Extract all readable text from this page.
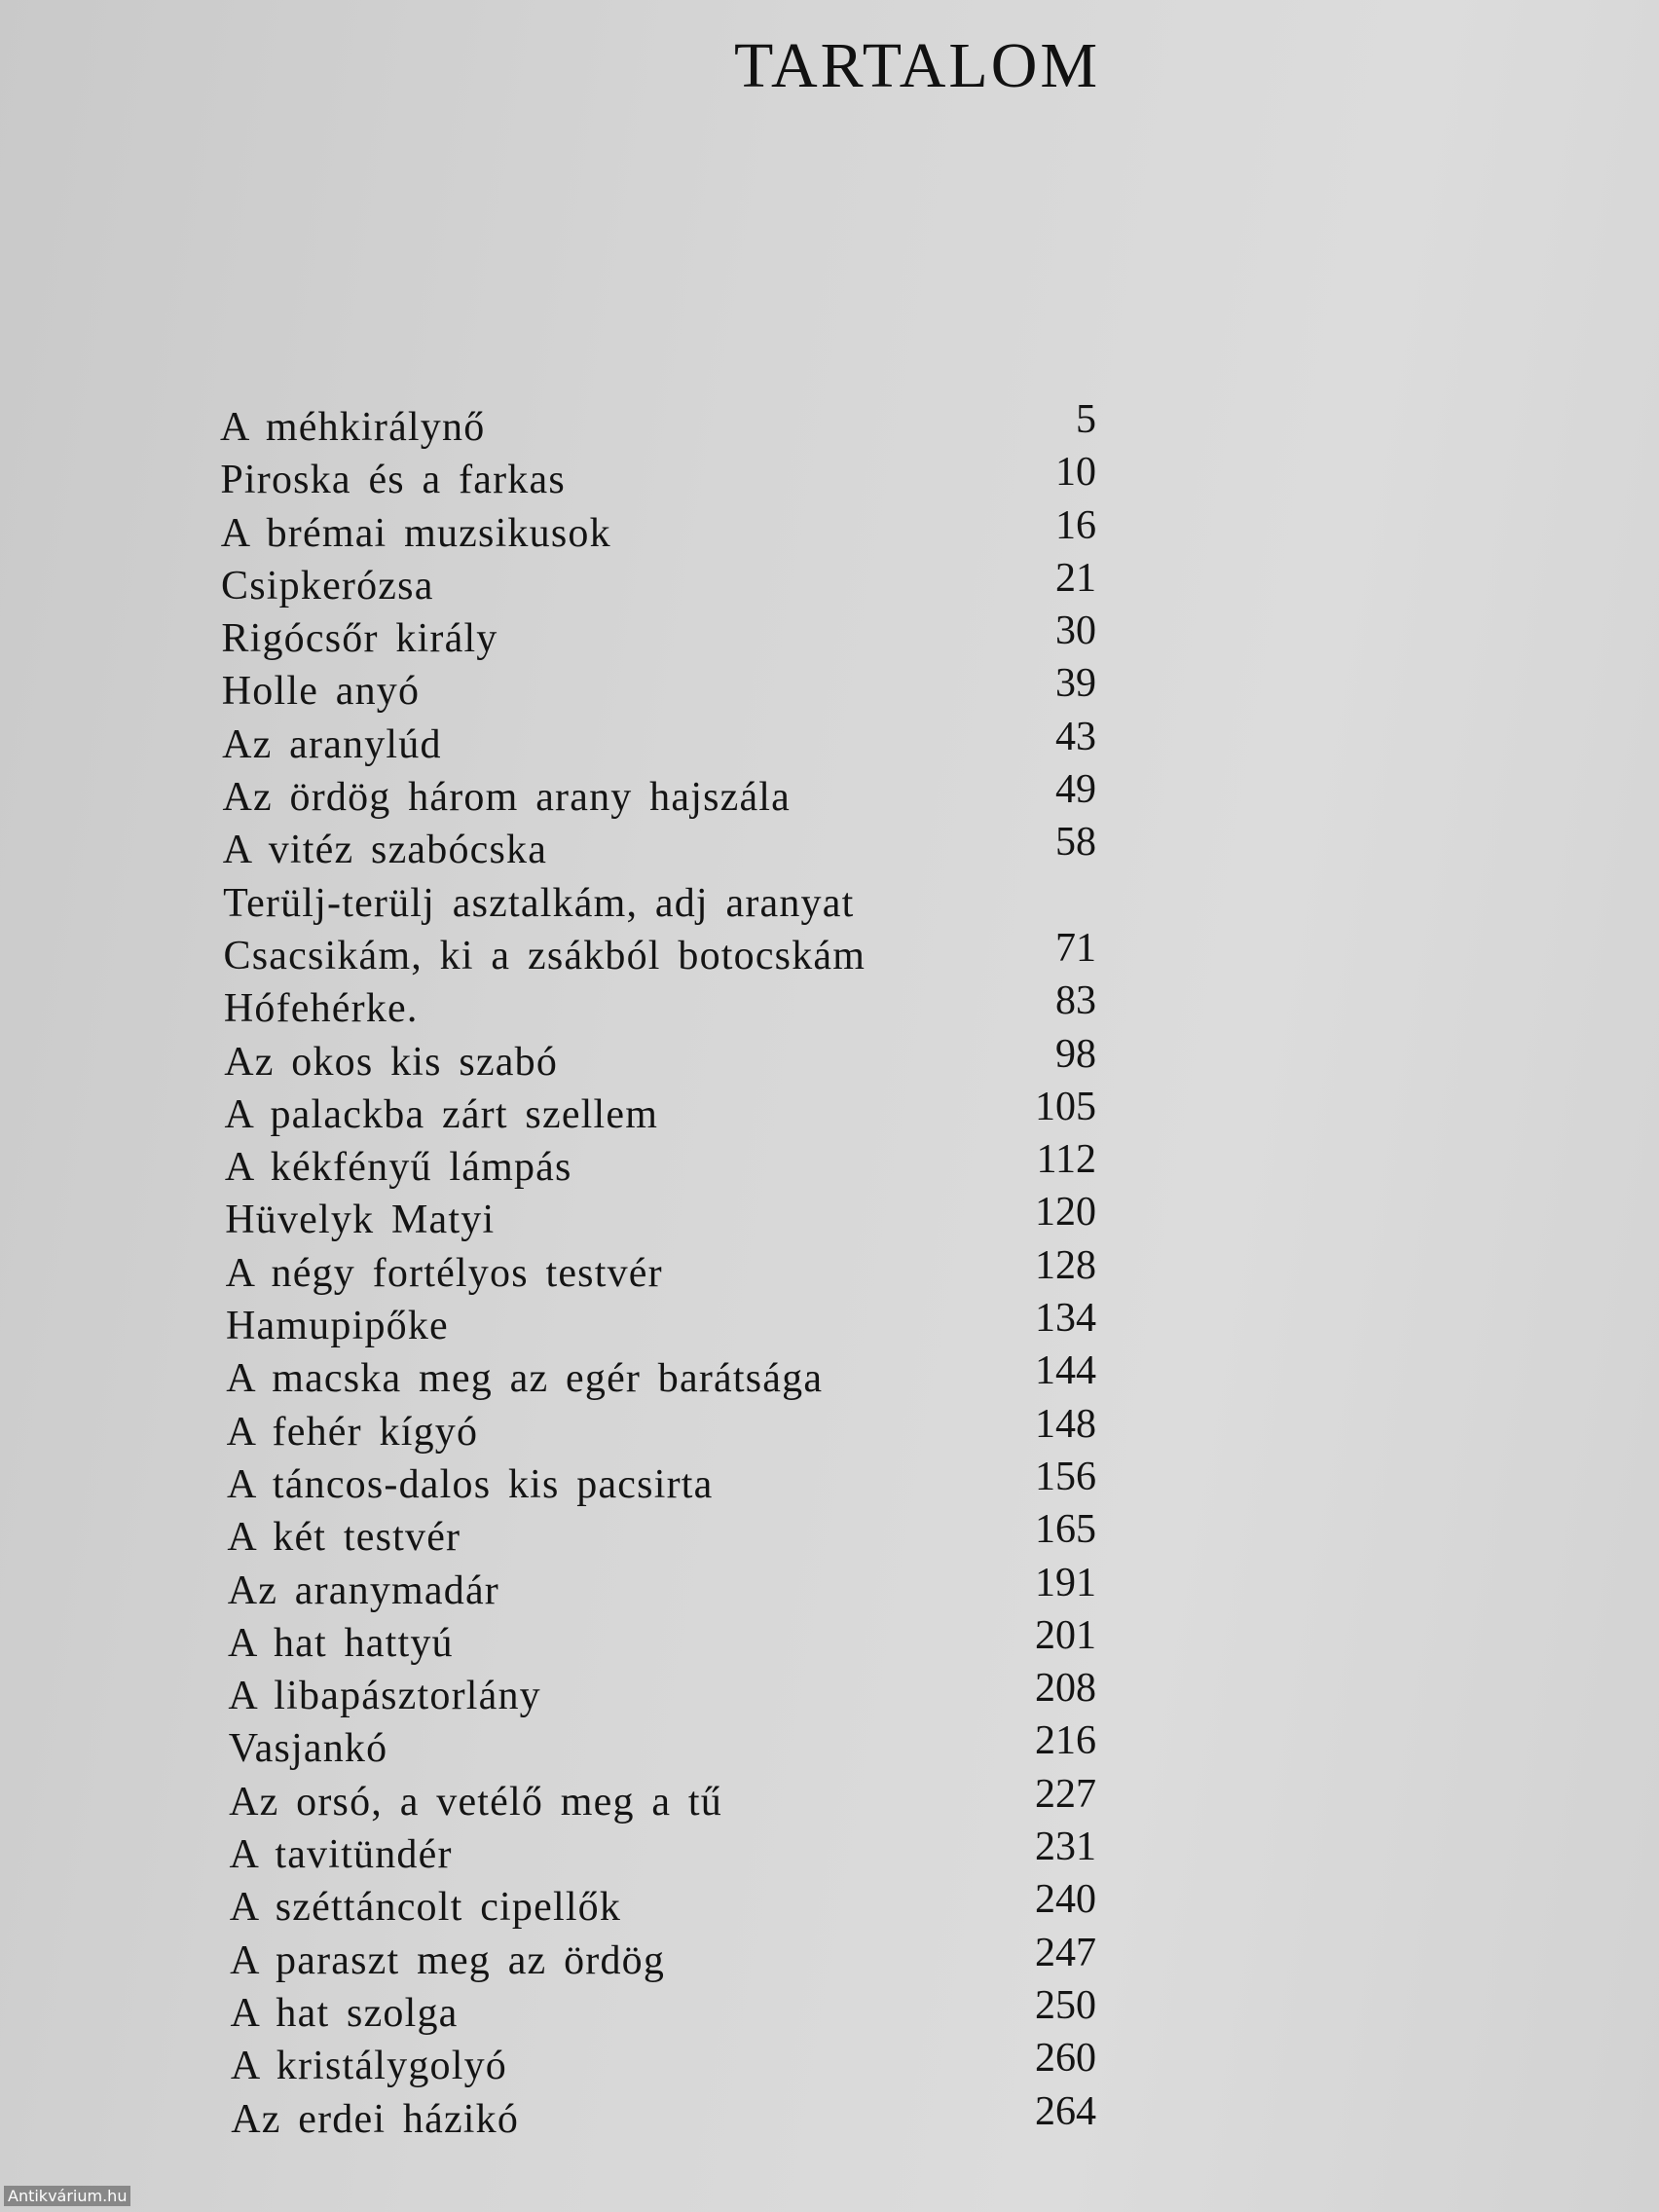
TARTALOM
A méhkirálynő	5
Piroska és a farkas	10
A brémai muzsikusok	16
Csipkerózsa	21
Rigócsőr király	30
Holle anyó	39
Az aranylúd	43
Az ördög három arany hajszála	49
A vitéz szabócska	58
Terülj-terülj asztalkám, adj aranyat
Csacsikám, ki a zsákból botocskám	71
Hófehérke.	83
Az okos kis szabó	98
A palackba zárt szellem	105
A kékfényű lámpás	112
Hüvelyk Matyi	120
A négy fortélyos testvér	128
Hamupipőke	134
A macska meg az egér barátsága	144
A fehér kígyó	148
A táncos-dalos kis pacsirta	156
A két testvér	165
Az aranymadár	191
A hat hattyú	201
A libapásztorlány	208
Vasjankó	216
Az orsó, a vetélő meg a tű	227
A tavitündér	231
A széttáncolt cipellők	240
A paraszt meg az ördög	247
A hat szolga	250
A kristálygolyó	260
Az erdei házikó	264
Antikvárium.hu
